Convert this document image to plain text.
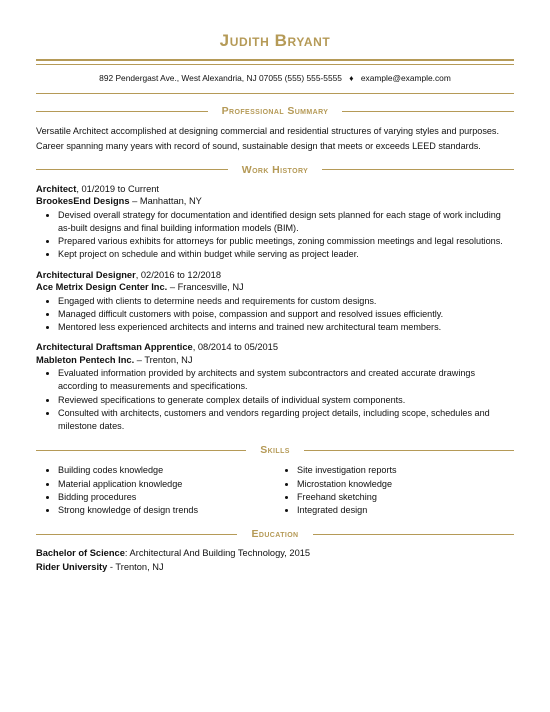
Judith Bryant
892 Pendergast Ave., West Alexandria, NJ 07055 (555) 555-5555 ♦ example@example.com
Professional Summary

Versatile Architect accomplished at designing commercial and residential structures of varying styles and purposes. Career spanning many years with record of sound, sustainable design that meets or exceeds LEED standards.

Work History
Architect, 01/2019 to Current
BrookesEnd Designs – Manhattan, NY
• Devised overall strategy for documentation and identified design sets planned for each stage of work including as-built designs and final building information models (BIM).
• Prepared various exhibits for attorneys for public meetings, zoning commission meetings and legal resolutions.
• Kept project on schedule and within budget while serving as project leader.
Architectural Designer, 02/2016 to 12/2018
Ace Metrix Design Center Inc. – Francesville, NJ
• Engaged with clients to determine needs and requirements for custom designs.
• Managed difficult customers with poise, compassion and support and resolved issues efficiently.
• Mentored less experienced architects and interns and trained new architectural team members.
Architectural Draftsman Apprentice, 08/2014 to 05/2015
Mableton Pentech Inc. – Trenton, NJ
• Evaluated information provided by architects and system subcontractors and created accurate drawings according to measurements and specifications.
• Reviewed specifications to generate complex details of individual system components.
• Consulted with architects, customers and vendors regarding project details, including scope, schedules and milestone dates.
Skills
• Building codes knowledge
• Material application knowledge
• Bidding procedures
• Strong knowledge of design trends
• Site investigation reports
• Microstation knowledge
• Freehand sketching
• Integrated design
Education
Bachelor of Science: Architectural And Building Technology, 2015
Rider University - Trenton, NJ
